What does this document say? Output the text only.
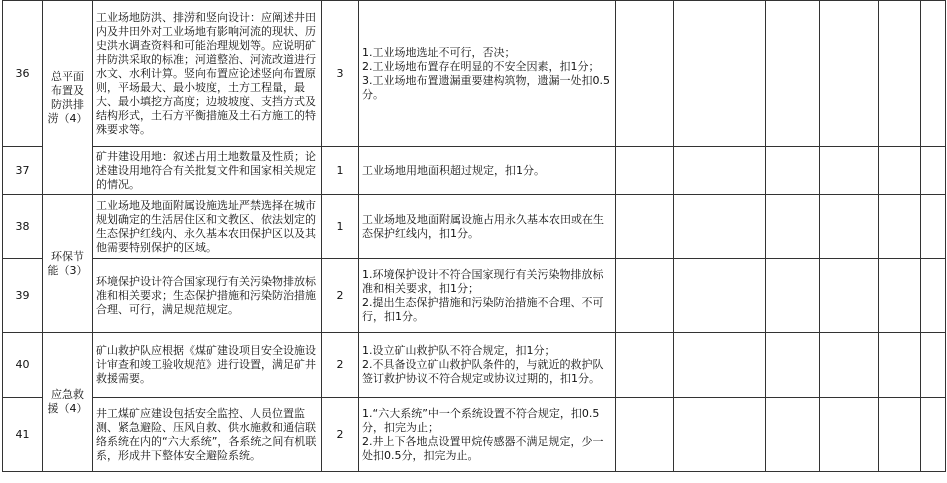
36	总平面布置及防洪排涝（4）	工业场地防洪、排涝和竖向设计：应阐述井田内及井田外对工业场地有影响河流的现状、历史洪水调查资料和可能治理规划等。应说明矿井防洪采取的标准；河道整治、河流改道进行水文、水利计算。竖向布置应论述竖向布置原则，平场最大、最小坡度，土方工程量，最大、最小填挖方高度；边坡坡度、支挡方式及结构形式，土石方平衡措施及土石方施工的特殊要求等。	3	1.工业场地选址不可行，否决；
2.工业场地布置存在明显的不安全因素，扣1分；
3.工业场地布置遗漏重要建构筑物，遗漏一处扣0.5分。						

37		矿井建设用地：叙述占用土地数量及性质；论述建设用地符合有关批复文件和国家相关规定的情况。	1	工业场地用地面积超过规定，扣1分。						

38	环保节能（3）	工业场地及地面附属设施选址严禁选择在城市规划确定的生活居住区和文教区、依法划定的生态保护红线内、永久基本农田保护区以及其他需要特别保护的区域。	1	工业场地及地面附属设施占用永久基本农田或在生态保护红线内，扣1分。						

39		环境保护设计符合国家现行有关污染物排放标准和相关要求；生态保护措施和污染防治措施合理、可行，满足规范规定。	2	1.环境保护设计不符合国家现行有关污染物排放标准和相关要求，扣1分；
2.提出生态保护措施和污染防治措施不合理、不可行，扣1分。						

40	应急救援（4）	矿山救护队应根据《煤矿建设项目安全设施设计审查和竣工验收规范》进行设置，满足矿井救援需要。	2	1.设立矿山救护队不符合规定，扣1分；
2.不具备设立矿山救护队条件的，与就近的救护队签订救护协议不符合规定或协议过期的，扣1分。						

41		井工煤矿应建设包括安全监控、人员位置监测、紧急避险、压风自救、供水施救和通信联络系统在内的“六大系统”，各系统之间有机联系，形成井下整体安全避险系统。	2	1.“六大系统”中一个系统设置不符合规定，扣0.5分，扣完为止；
2.井上下各地点设置甲烷传感器不满足规定，少一处扣0.5分，扣完为止。						
